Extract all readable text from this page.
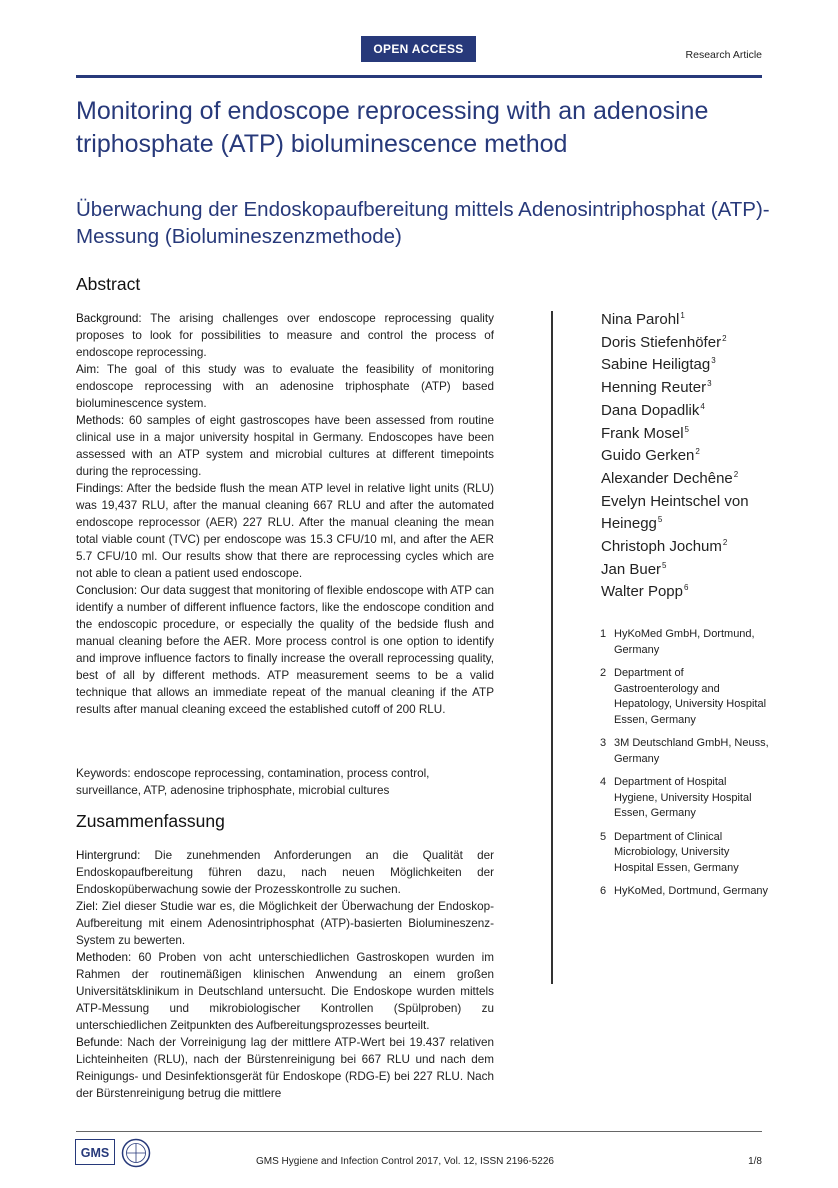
OPEN ACCESS	Research Article
Monitoring of endoscope reprocessing with an adenosine triphosphate (ATP) bioluminescence method
Überwachung der Endoskopaufbereitung mittels Adenosintriphosphat (ATP)-Messung (Biolumineszenzmethode)
Abstract

Background: The arising challenges over endoscope reprocessing quality proposes to look for possibilities to measure and control the process of endoscope reprocessing.

Aim: The goal of this study was to evaluate the feasibility of monitoring endoscope reprocessing with an adenosine triphosphate (ATP) based bioluminescence system.

Methods: 60 samples of eight gastroscopes have been assessed from routine clinical use in a major university hospital in Germany. Endoscopes have been assessed with an ATP system and microbial cultures at different timepoints during the reprocessing.

Findings: After the bedside flush the mean ATP level in relative light units (RLU) was 19,437 RLU, after the manual cleaning 667 RLU and after the automated endoscope reprocessor (AER) 227 RLU. After the manual cleaning the mean total viable count (TVC) per endoscope was 15.3 CFU/10 ml, and after the AER 5.7 CFU/10 ml. Our results show that there are reprocessing cycles which are not able to clean a patient used endoscope.

Conclusion: Our data suggest that monitoring of flexible endoscope with ATP can identify a number of different influence factors, like the endoscope condition and the endoscopic procedure, or especially the quality of the bedside flush and manual cleaning before the AER. More process control is one option to identify and improve influence factors to finally increase the overall reprocessing quality, best of all by different methods. ATP measurement seems to be a valid technique that allows an immediate repeat of the manual cleaning if the ATP results after manual cleaning exceed the established cutoff of 200 RLU.

Keywords: endoscope reprocessing, contamination, process control, surveillance, ATP, adenosine triphosphate, microbial cultures
Zusammenfassung

Hintergrund: Die zunehmenden Anforderungen an die Qualität der Endoskopaufbereitung führen dazu, nach neuen Möglichkeiten der Endoskopüberwachung sowie der Prozesskontrolle zu suchen.

Ziel: Ziel dieser Studie war es, die Möglichkeit der Überwachung der Endoskop-Aufbereitung mit einem Adenosintriphosphat (ATP)-basierten Biolumineszenz-System zu bewerten.

Methoden: 60 Proben von acht unterschiedlichen Gastroskopen wurden im Rahmen der routinemäßigen klinischen Anwendung an einem großen Universitätsklinikum in Deutschland untersucht. Die Endoskope wurden mittels ATP-Messung und mikrobiologischer Kontrollen (Spülproben) zu unterschiedlichen Zeitpunkten des Aufbereitungsprozesses beurteilt.

Befunde: Nach der Vorreinigung lag der mittlere ATP-Wert bei 19.437 relativen Lichteinheiten (RLU), nach der Bürstenreinigung bei 667 RLU und nach dem Reinigungs- und Desinfektionsgerät für Endoskope (RDG-E) bei 227 RLU. Nach der Bürstenreinigung betrug die mittlere

Nina Parohl$^1$
Doris Stiefenhöfer$^2$
Sabine Heiligtag$^3$
Henning Reuter$^3$
Dana Dopadlik$^4$
Frank Mosel$^5$
Guido Gerken$^2$
Alexander Dechêne$^2$
Evelyn Heintschel von Heinegg$^5$
Christoph Jochum$^2$
Jan Buer$^5$
Walter Popp$^6$
1 HyKoMed GmbH, Dortmund, Germany
2 Department of Gastroenterology and Hepatology, University Hospital Essen, Germany
3 3M Deutschland GmbH, Neuss, Germany
4 Department of Hospital Hygiene, University Hospital Essen, Germany
5 Department of Clinical Microbiology, University Hospital Essen, Germany
6 HyKoMed, Dortmund, Germany
GMS
GMS Hygiene and Infection Control 2017, Vol. 12, ISSN 2196-5226	1/8
